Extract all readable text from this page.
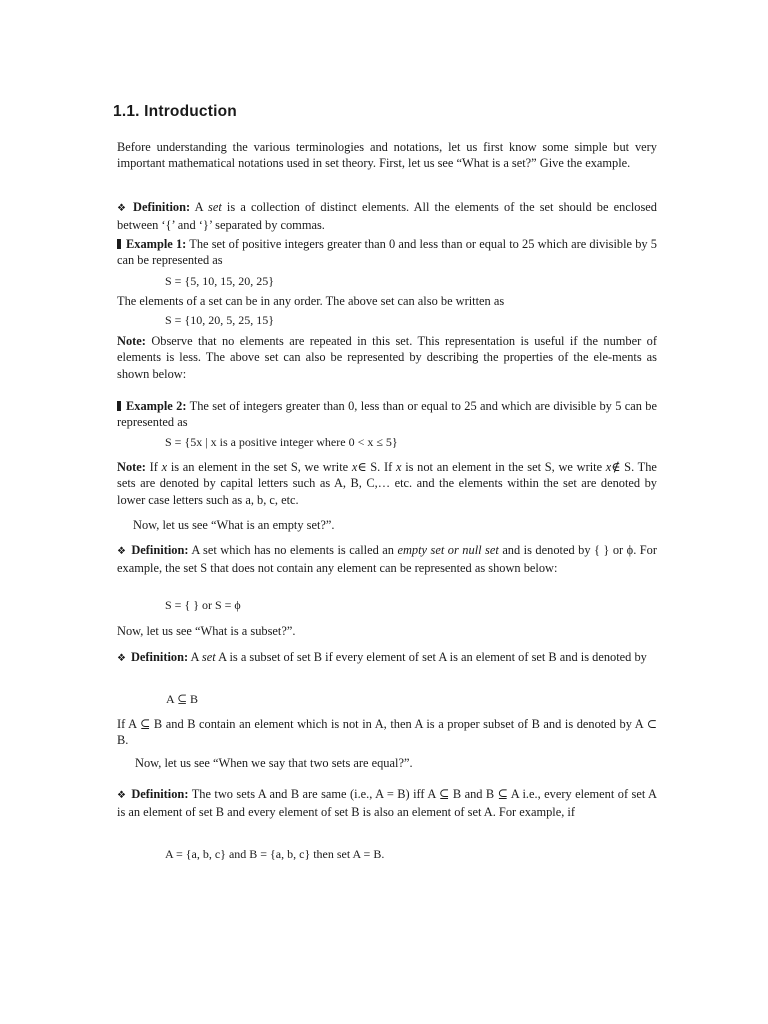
1.1. Introduction
Before understanding the various terminologies and notations, let us first know some simple but very important mathematical notations used in set theory. First, let us see “What is a set?” Give the example.
❖ Definition: A set is a collection of distinct elements. All the elements of the set should be enclosed between ‘{’ and ‘}’ separated by commas.
Example 1: The set of positive integers greater than 0 and less than or equal to 25 which are divisible by 5 can be represented as
S = {5, 10, 15, 20, 25}
The elements of a set can be in any order. The above set can also be written as
S = {10, 20, 5, 25, 15}
Note: Observe that no elements are repeated in this set. This representation is useful if the number of elements is less. The above set can also be represented by describing the properties of the ele-ments as shown below:
Example 2: The set of integers greater than 0, less than or equal to 25 and which are divisible by 5 can be represented as
S = {5x | x is a positive integer where 0 < x ≤ 5}
Note: If x is an element in the set S, we write x∈ S. If x is not an element in the set S, we write x∉ S. The sets are denoted by capital letters such as A, B, C,… etc. and the elements within the set are denoted by lower case letters such as a, b, c, etc.
Now, let us see “What is an empty set?”.
❖ Definition: A set which has no elements is called an empty set or null set and is denoted by { } or ϕ. For example, the set S that does not contain any element can be represented as shown below:
S = { } or S = ϕ
Now, let us see “What is a subset?”.
❖ Definition: A set A is a subset of set B if every element of set A is an element of set B and is denoted by
A ⊆ B
If A ⊆ B and B contain an element which is not in A, then A is a proper subset of B and is denoted by A ⊂ B.
Now, let us see “When we say that two sets are equal?”.
❖ Definition: The two sets A and B are same (i.e., A = B) iff A ⊆ B and B ⊆ A i.e., every element of set A is an element of set B and every element of set B is also an element of set A. For example, if
A = {a, b, c} and B = {a, b, c} then set A = B.
